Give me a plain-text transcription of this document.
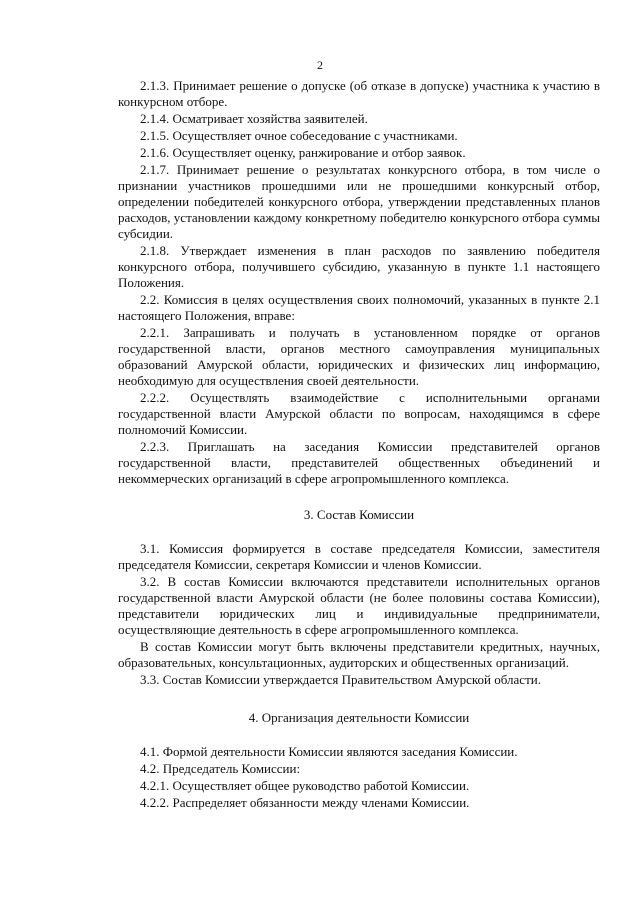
2

2.1.3. Принимает решение о допуске (об отказе в допуске) участника к участию в конкурсном отборе.

2.1.4. Осматривает хозяйства заявителей.

2.1.5. Осуществляет очное собеседование с участниками.

2.1.6. Осуществляет оценку, ранжирование и отбор заявок.

2.1.7. Принимает решение о результатах конкурсного отбора, в том числе о признании участников прошедшими или не прошедшими конкурсный отбор, определении победителей конкурсного отбора, утверждении представленных планов расходов, установлении каждому конкретному победителю конкурсного отбора суммы субсидии.

2.1.8. Утверждает изменения в план расходов по заявлению победителя конкурсного отбора, получившего субсидию, указанную в пункте 1.1 настоящего Положения.

2.2. Комиссия в целях осуществления своих полномочий, указанных в пункте 2.1 настоящего Положения, вправе:

2.2.1. Запрашивать и получать в установленном порядке от органов государственной власти, органов местного самоуправления муниципальных образований Амурской области, юридических и физических лиц информацию, необходимую для осуществления своей деятельности.

2.2.2. Осуществлять взаимодействие с исполнительными органами государственной власти Амурской области по вопросам, находящимся в сфере полномочий Комиссии.

2.2.3. Приглашать на заседания Комиссии представителей органов государственной власти, представителей общественных объединений и некоммерческих организаций в сфере агропромышленного комплекса.

3. Состав Комиссии

3.1. Комиссия формируется в составе председателя Комиссии, заместителя председателя Комиссии, секретаря Комиссии и членов Комиссии.

3.2. В состав Комиссии включаются представители исполнительных органов государственной власти Амурской области (не более половины состава Комиссии), представители юридических лиц и индивидуальные предприниматели, осуществляющие деятельность в сфере агропромышленного комплекса.

В состав Комиссии могут быть включены представители кредитных, научных, образовательных, консультационных, аудиторских и общественных организаций.

3.3. Состав Комиссии утверждается Правительством Амурской области.

4. Организация деятельности Комиссии

4.1. Формой деятельности Комиссии являются заседания Комиссии.

4.2. Председатель Комиссии:

4.2.1. Осуществляет общее руководство работой Комиссии.

4.2.2. Распределяет обязанности между членами Комиссии.
